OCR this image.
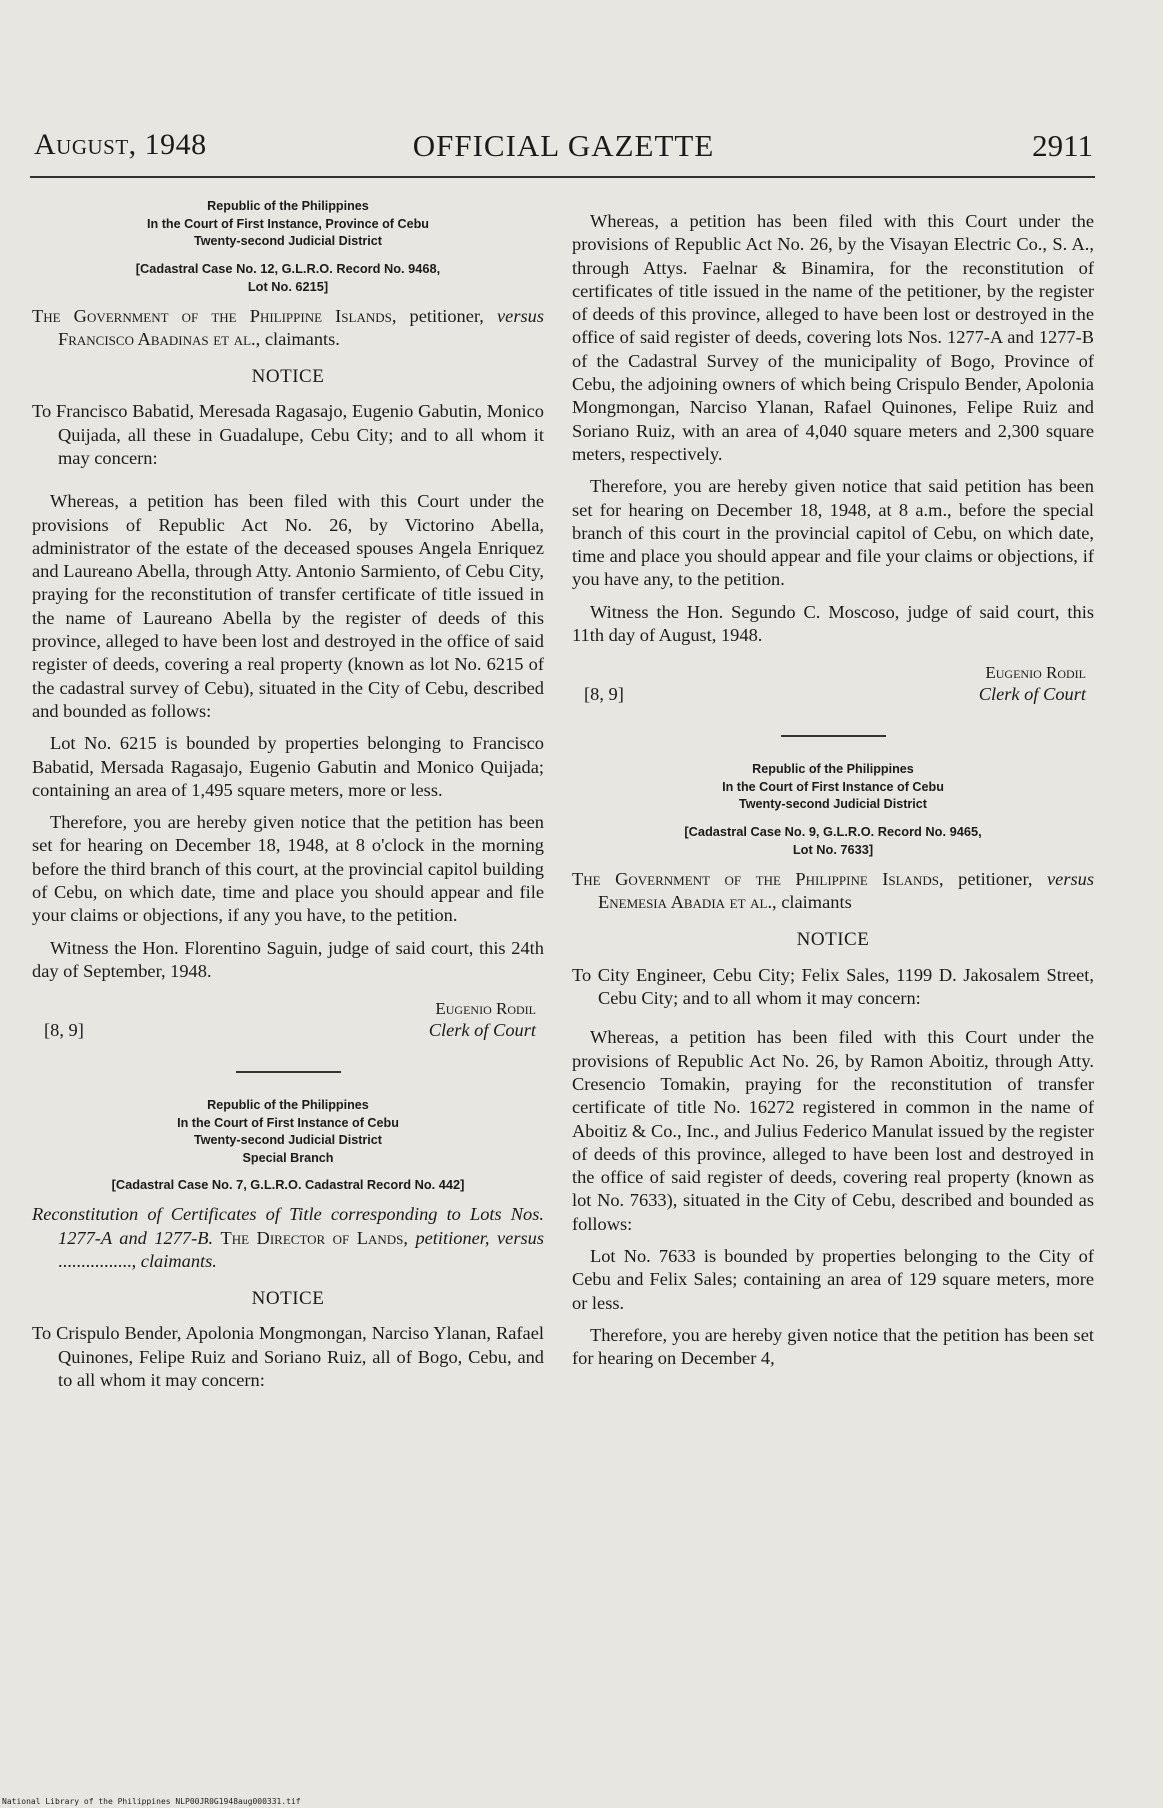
August, 1948	OFFICIAL GAZETTE	2911
Republic of the Philippines
In the Court of First Instance, Province of Cebu
Twenty-second Judicial District
[Cadastral Case No. 12, G.L.R.O. Record No. 9468,
Lot No. 6215]

The Government of the Philippine Islands, petitioner, versus Francisco Abadinas et al., claimants.

NOTICE

To Francisco Babatid, Meresada Ragasajo, Eugenio Gabutin, Monico Quijada, all these in Guadalupe, Cebu City; and to all whom it may concern:

Whereas, a petition has been filed with this Court under the provisions of Republic Act No. 26, by Victorino Abella, administrator of the estate of the deceased spouses Angela Enriquez and Laureano Abella, through Atty. Antonio Sarmiento, of Cebu City, praying for the reconstitution of transfer certificate of title issued in the name of Laureano Abella by the register of deeds of this province, alleged to have been lost and destroyed in the office of said register of deeds, covering a real property (known as lot No. 6215 of the cadastral survey of Cebu), situated in the City of Cebu, described and bounded as follows:

Lot No. 6215 is bounded by properties belonging to Francisco Babatid, Mersada Ragasajo, Eugenio Gabutin and Monico Quijada; containing an area of 1,495 square meters, more or less.

Therefore, you are hereby given notice that the petition has been set for hearing on December 18, 1948, at 8 o'clock in the morning before the third branch of this court, at the provincial capitol building of Cebu, on which date, time and place you should appear and file your claims or objections, if any you have, to the petition.

Witness the Hon. Florentino Saguin, judge of said court, this 24th day of September, 1948.

Eugenio Rodil
[8, 9]	Clerk of Court
Republic of the Philippines
In the Court of First Instance of Cebu
Twenty-second Judicial District
Special Branch
[Cadastral Case No. 7, G.L.R.O. Cadastral Record No. 442]

Reconstitution of Certificates of Title corresponding to Lots Nos. 1277-A and 1277-B. The Director of Lands, petitioner, versus ................, claimants.

NOTICE

To Crispulo Bender, Apolonia Mongmongan, Narciso Ylanan, Rafael Quinones, Felipe Ruiz and Soriano Ruiz, all of Bogo, Cebu, and to all whom it may concern:

Whereas, a petition has been filed with this Court under the provisions of Republic Act No. 26, by the Visayan Electric Co., S. A., through Attys. Faelnar & Binamira, for the reconstitution of certificates of title issued in the name of the petitioner, by the register of deeds of this province, alleged to have been lost or destroyed in the office of said register of deeds, covering lots Nos. 1277-A and 1277-B of the Cadastral Survey of the municipality of Bogo, Province of Cebu, the adjoining owners of which being Crispulo Bender, Apolonia Mongmongan, Narciso Ylanan, Rafael Quinones, Felipe Ruiz and Soriano Ruiz, with an area of 4,040 square meters and 2,300 square meters, respectively.

Therefore, you are hereby given notice that said petition has been set for hearing on December 18, 1948, at 8 a.m., before the special branch of this court in the provincial capitol of Cebu, on which date, time and place you should appear and file your claims or objections, if you have any, to the petition.

Witness the Hon. Segundo C. Moscoso, judge of said court, this 11th day of August, 1948.

Eugenio Rodil
[8, 9]	Clerk of Court
Republic of the Philippines
In the Court of First Instance of Cebu
Twenty-second Judicial District
[Cadastral Case No. 9, G.L.R.O. Record No. 9465,
Lot No. 7633]

The Government of the Philippine Islands, petitioner, versus Enemesia Abadia et al., claimants

NOTICE

To City Engineer, Cebu City; Felix Sales, 1199 D. Jakosalem Street, Cebu City; and to all whom it may concern:

Whereas, a petition has been filed with this Court under the provisions of Republic Act No. 26, by Ramon Aboitiz, through Atty. Cresencio Tomakin, praying for the reconstitution of transfer certificate of title No. 16272 registered in common in the name of Aboitiz & Co., Inc., and Julius Federico Manulat issued by the register of deeds of this province, alleged to have been lost and destroyed in the office of said register of deeds, covering real property (known as lot No. 7633), situated in the City of Cebu, described and bounded as follows:

Lot No. 7633 is bounded by properties belonging to the City of Cebu and Felix Sales; containing an area of 129 square meters, more or less.

Therefore, you are hereby given notice that the petition has been set for hearing on December 4,

National Library of the Philippines NLP00JR0G1948aug000331.tif
